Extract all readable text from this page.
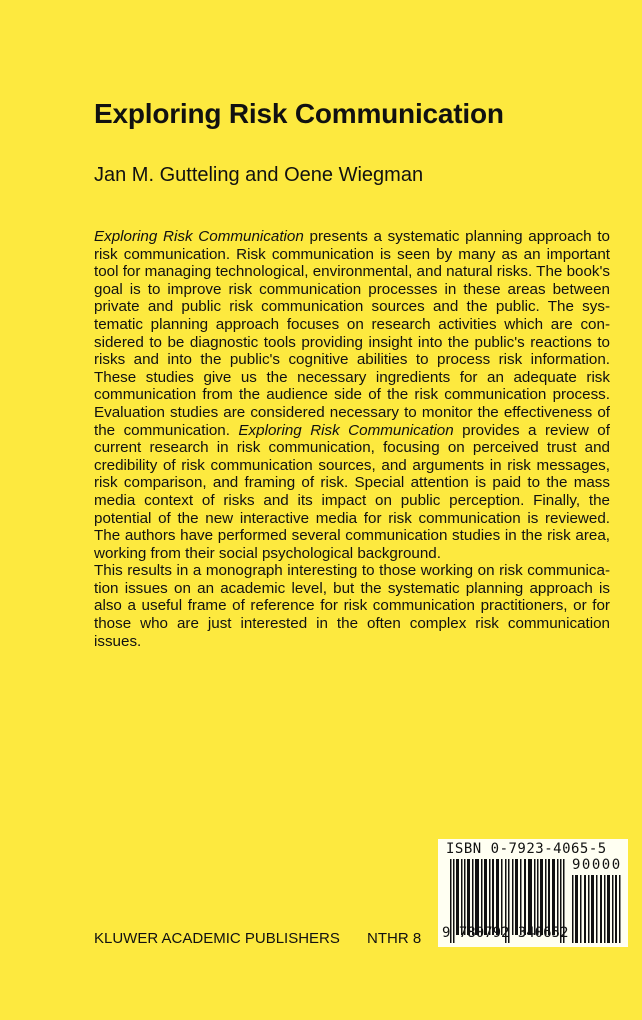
Exploring Risk Communication
Jan M. Gutteling and Oene Wiegman

Exploring Risk Communication presents a systematic planning approach to risk communication. Risk communication is seen by many as an important tool for managing technological, environmental, and natural risks. The book's goal is to improve risk communication processes in these areas between private and public risk communication sources and the public. The systematic planning approach focuses on research activities which are considered to be diagnostic tools providing insight into the public's reactions to risks and into the public's cognitive abilities to process risk information. These studies give us the necessary ingredients for an adequate risk communication from the audience side of the risk communication process. Evaluation studies are considered necessary to monitor the effectiveness of the communication. Exploring Risk Communication provides a review of current research in risk communication, focusing on perceived trust and credibility of risk communication sources, and arguments in risk messages, risk comparison, and framing of risk. Special attention is paid to the mass media context of risks and its impact on public perception. Finally, the potential of the new interactive media for risk communication is reviewed. The authors have performed several communication studies in the risk area, working from their social psychological background.

This results in a monograph interesting to those working on risk communication issues on an academic level, but the systematic planning approach is also a useful frame of reference for risk communication practitioners, or for those who are just interested in the often complex risk communication issues.

KLUWER ACADEMIC PUBLISHERS NTHR 8
ISBN 0-7923-4065-5
90000
9 780792 340652
